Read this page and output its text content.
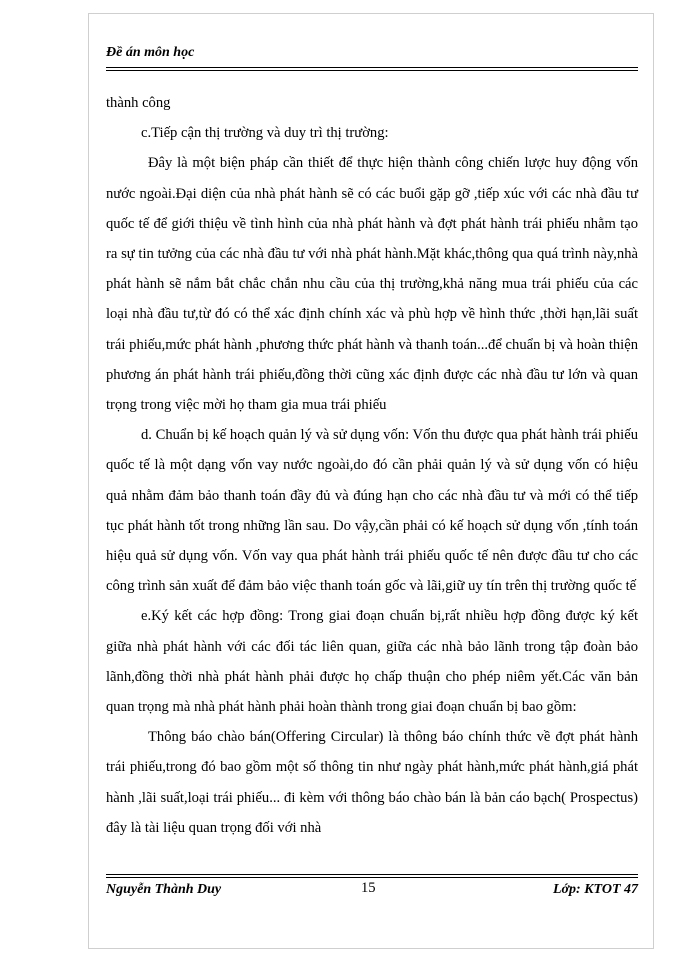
Đề án môn học

thành công

c.Tiếp cận thị trường và duy trì thị trường:

Đây là một biện pháp cần thiết để thực hiện thành công chiến lược huy động vốn nước ngoài.Đại diện của nhà phát hành sẽ có các buổi gặp gỡ ,tiếp xúc với các nhà đầu tư quốc tế để giới thiệu về tình hình của nhà phát hành và đợt phát hành trái phiếu nhằm tạo ra sự tin tưởng của các nhà đầu tư với nhà phát hành.Mặt khác,thông qua quá trình này,nhà phát hành sẽ nắm bắt chắc chắn nhu cầu của thị trường,khả năng mua trái phiếu của các loại nhà đầu tư,từ đó có thể xác định chính xác và phù hợp về hình thức ,thời hạn,lãi suất trái phiếu,mức phát hành ,phương thức phát hành và thanh toán...để chuẩn bị và hoàn thiện phương án phát hành trái phiếu,đồng thời cũng xác định được các nhà đầu tư lớn và quan trọng trong việc mời họ tham gia mua trái phiếu

d. Chuẩn bị kế hoạch quản lý và sử dụng vốn: Vốn thu được qua phát hành trái phiếu quốc tế là một dạng vốn vay nước ngoài,do đó cần phải quản lý và sử dụng vốn có hiệu quả nhằm đảm bảo thanh toán đầy đủ và đúng hạn cho các nhà đầu tư và mới có thể tiếp tục phát hành tốt trong những lần sau. Do vậy,cần phải có kế hoạch sử dụng vốn ,tính toán hiệu quả sử dụng vốn. Vốn vay qua phát hành trái phiếu quốc tế nên được đầu tư cho các công trình sản xuất để đảm bảo việc thanh toán gốc và lãi,giữ uy tín trên thị trường quốc tế

e.Ký kết các hợp đồng: Trong giai đoạn chuẩn bị,rất nhiều hợp đồng được ký kết giữa nhà phát hành với các đối tác liên quan, giữa các nhà bảo lãnh trong tập đoàn bảo lãnh,đồng thời nhà phát hành phải được họ chấp thuận cho phép niêm yết.Các văn bản quan trọng mà nhà phát hành phải hoàn thành trong giai đoạn chuẩn bị bao gồm:

Thông báo chào bán(Offering Circular) là thông báo chính thức về đợt phát hành trái phiếu,trong đó bao gồm một số thông tin như ngày phát hành,mức phát hành,giá phát hành ,lãi suất,loại trái phiếu... đi kèm với thông báo chào bán là bản cáo bạch( Prospectus) đây là tài liệu quan trọng đối với nhà

Nguyễn Thành Duy	15	Lớp: KTOT 47
